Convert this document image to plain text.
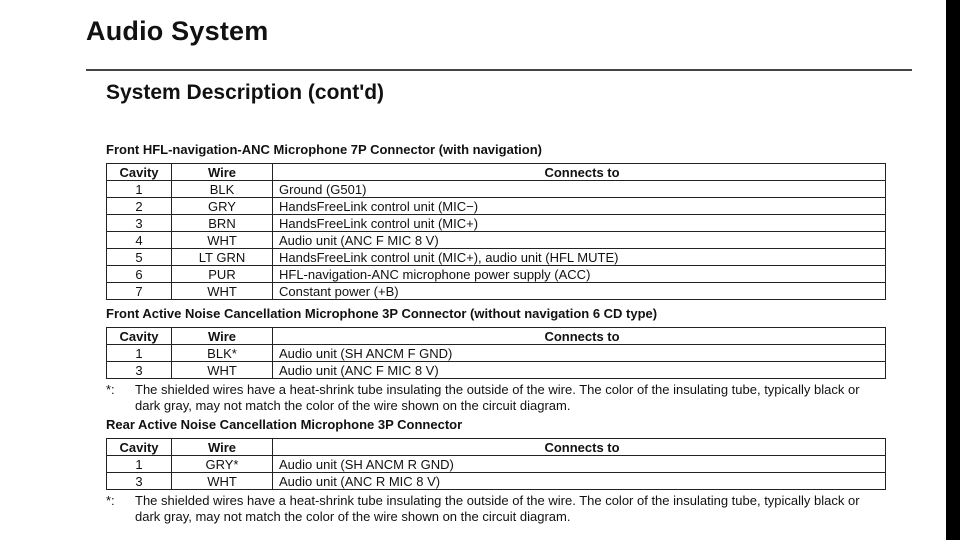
Audio System
System Description (cont'd)
Front HFL-navigation-ANC Microphone 7P Connector (with navigation)
Cavity	Wire	Connects to
1	BLK	Ground (G501)
2	GRY	HandsFreeLink control unit (MIC−)
3	BRN	HandsFreeLink control unit (MIC+)
4	WHT	Audio unit (ANC F MIC 8 V)
5	LT GRN	HandsFreeLink control unit (MIC+), audio unit (HFL MUTE)
6	PUR	HFL-navigation-ANC microphone power supply (ACC)
7	WHT	Constant power (+B)
Front Active Noise Cancellation Microphone 3P Connector (without navigation 6 CD type)
Cavity	Wire	Connects to
1	BLK*	Audio unit (SH ANCM F GND)
3	WHT	Audio unit (ANC F MIC 8 V)
*: The shielded wires have a heat-shrink tube insulating the outside of the wire. The color of the insulating tube, typically black or dark gray, may not match the color of the wire shown on the circuit diagram.
Rear Active Noise Cancellation Microphone 3P Connector
Cavity	Wire	Connects to
1	GRY*	Audio unit (SH ANCM R GND)
3	WHT	Audio unit (ANC R MIC 8 V)
*: The shielded wires have a heat-shrink tube insulating the outside of the wire. The color of the insulating tube, typically black or dark gray, may not match the color of the wire shown on the circuit diagram.
